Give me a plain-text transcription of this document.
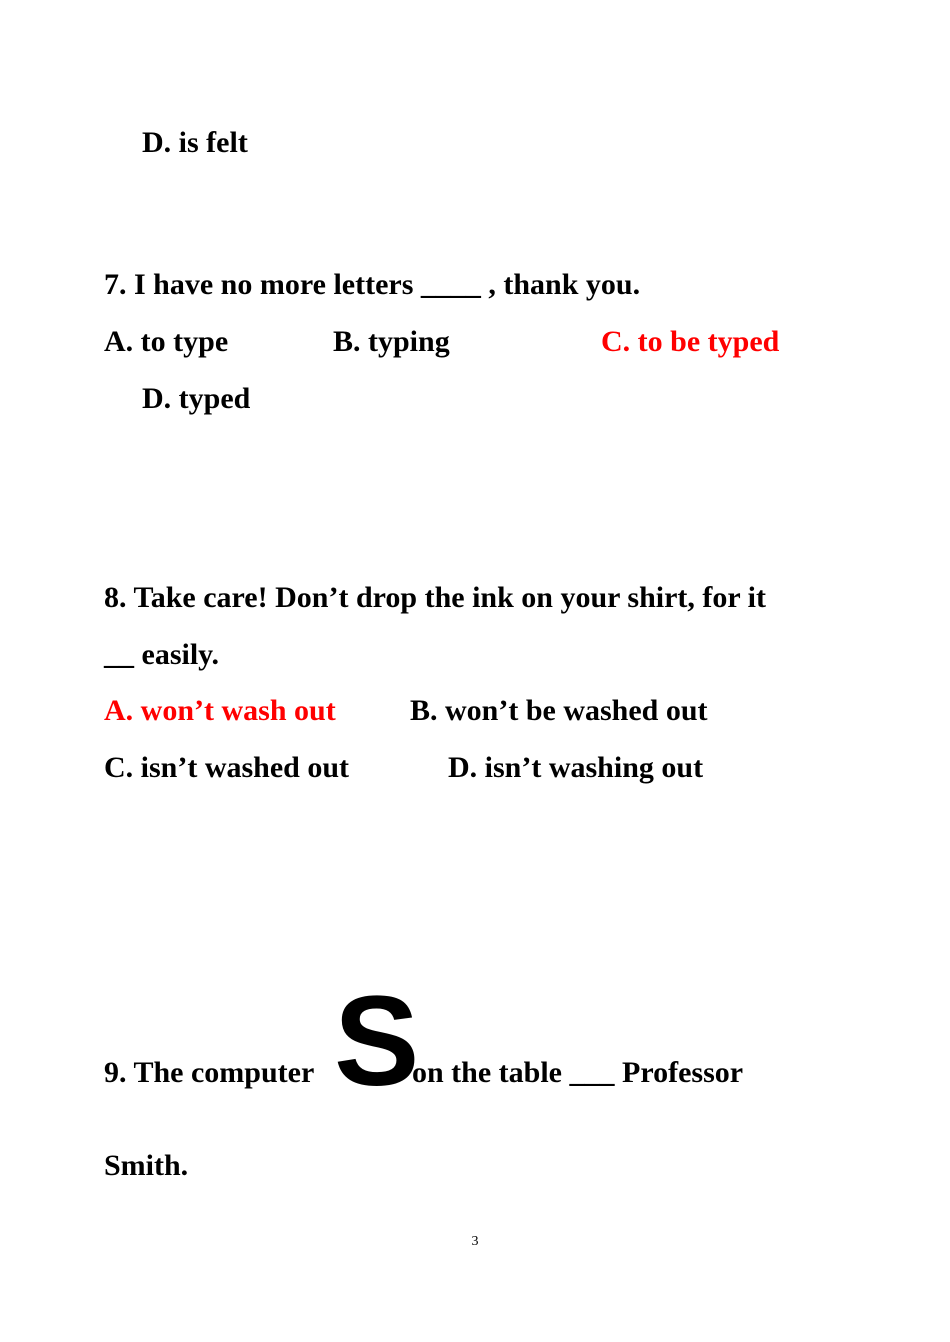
D. is felt
7. I have no more letters ____ , thank you.
A. to type	B. typing	C. to be typed
D. typed
8. Take care! Don’t drop the ink on your shirt, for it
__ easily.
A. won’t wash out B. won’t be washed out
C. isn’t washed out	D. isn’t washing out
9. The computer S
on the table ___ Professor
Smith.
3
